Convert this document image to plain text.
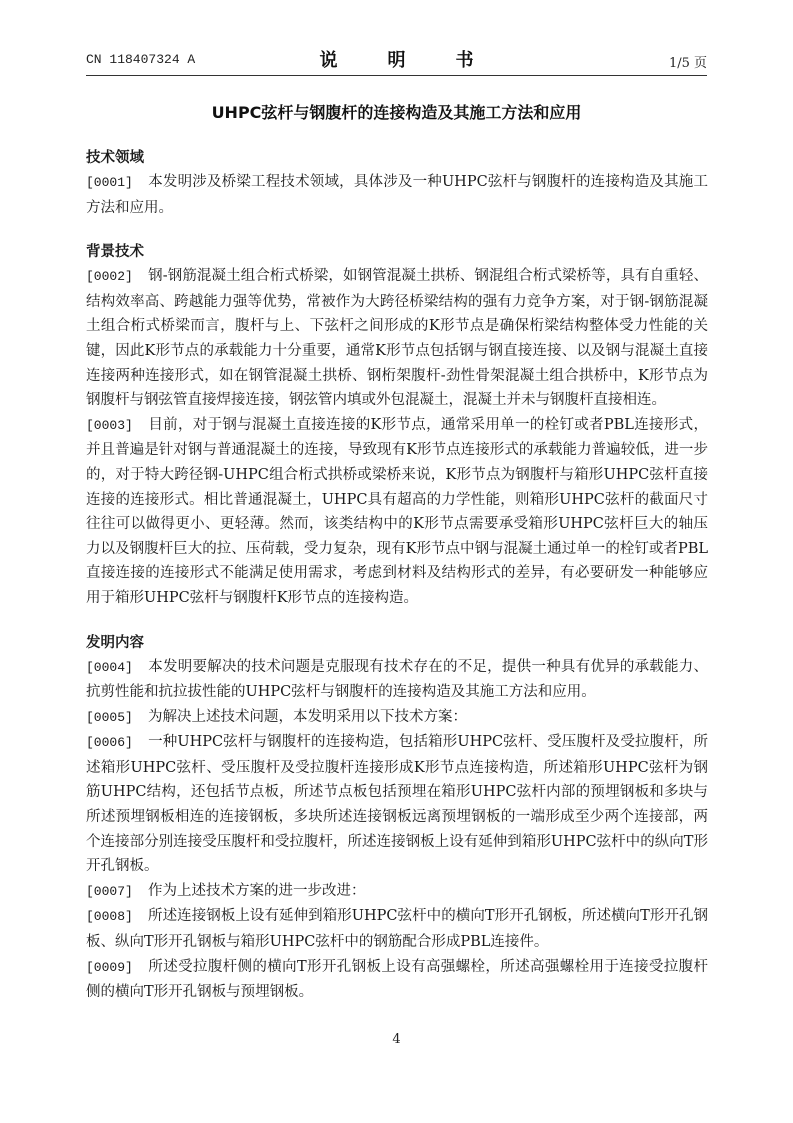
CN 118407324 A	说　明　书	1/5 页
UHPC弦杆与钢腹杆的连接构造及其施工方法和应用
技术领域

[0001] 本发明涉及桥梁工程技术领域，具体涉及一种UHPC弦杆与钢腹杆的连接构造及其施工方法和应用。

背景技术

[0002] 钢-钢筋混凝土组合桁式桥梁，如钢管混凝土拱桥、钢混组合桁式梁桥等，具有自重轻、结构效率高、跨越能力强等优势，常被作为大跨径桥梁结构的强有力竞争方案，对于钢-钢筋混凝土组合桁式桥梁而言，腹杆与上、下弦杆之间形成的K形节点是确保桁梁结构整体受力性能的关键，因此K形节点的承载能力十分重要，通常K形节点包括钢与钢直接连接、以及钢与混凝土直接连接两种连接形式，如在钢管混凝土拱桥、钢桁架腹杆-劲性骨架混凝土组合拱桥中，K形节点为钢腹杆与钢弦管直接焊接连接，钢弦管内填或外包混凝土，混凝土并未与钢腹杆直接相连。

[0003] 目前，对于钢与混凝土直接连接的K形节点，通常采用单一的栓钉或者PBL连接形式，并且普遍是针对钢与普通混凝土的连接，导致现有K形节点连接形式的承载能力普遍较低，进一步的，对于特大跨径钢-UHPC组合桁式拱桥或梁桥来说，K形节点为钢腹杆与箱形UHPC弦杆直接连接的连接形式。相比普通混凝土，UHPC具有超高的力学性能，则箱形UHPC弦杆的截面尺寸往往可以做得更小、更轻薄。然而，该类结构中的K形节点需要承受箱形UHPC弦杆巨大的轴压力以及钢腹杆巨大的拉、压荷载，受力复杂，现有K形节点中钢与混凝土通过单一的栓钉或者PBL直接连接的连接形式不能满足使用需求，考虑到材料及结构形式的差异，有必要研发一种能够应用于箱形UHPC弦杆与钢腹杆K形节点的连接构造。

发明内容

[0004] 本发明要解决的技术问题是克服现有技术存在的不足，提供一种具有优异的承载能力、抗剪性能和抗拉拔性能的UHPC弦杆与钢腹杆的连接构造及其施工方法和应用。

[0005] 为解决上述技术问题，本发明采用以下技术方案：

[0006] 一种UHPC弦杆与钢腹杆的连接构造，包括箱形UHPC弦杆、受压腹杆及受拉腹杆，所述箱形UHPC弦杆、受压腹杆及受拉腹杆连接形成K形节点连接构造，所述箱形UHPC弦杆为钢筋UHPC结构，还包括节点板，所述节点板包括预埋在箱形UHPC弦杆内部的预埋钢板和多块与所述预埋钢板相连的连接钢板，多块所述连接钢板远离预埋钢板的一端形成至少两个连接部，两个连接部分别连接受压腹杆和受拉腹杆，所述连接钢板上设有延伸到箱形UHPC弦杆中的纵向T形开孔钢板。

[0007] 作为上述技术方案的进一步改进：

[0008] 所述连接钢板上设有延伸到箱形UHPC弦杆中的横向T形开孔钢板，所述横向T形开孔钢板、纵向T形开孔钢板与箱形UHPC弦杆中的钢筋配合形成PBL连接件。

[0009] 所述受拉腹杆侧的横向T形开孔钢板上设有高强螺栓，所述高强螺栓用于连接受拉腹杆侧的横向T形开孔钢板与预埋钢板。

4
